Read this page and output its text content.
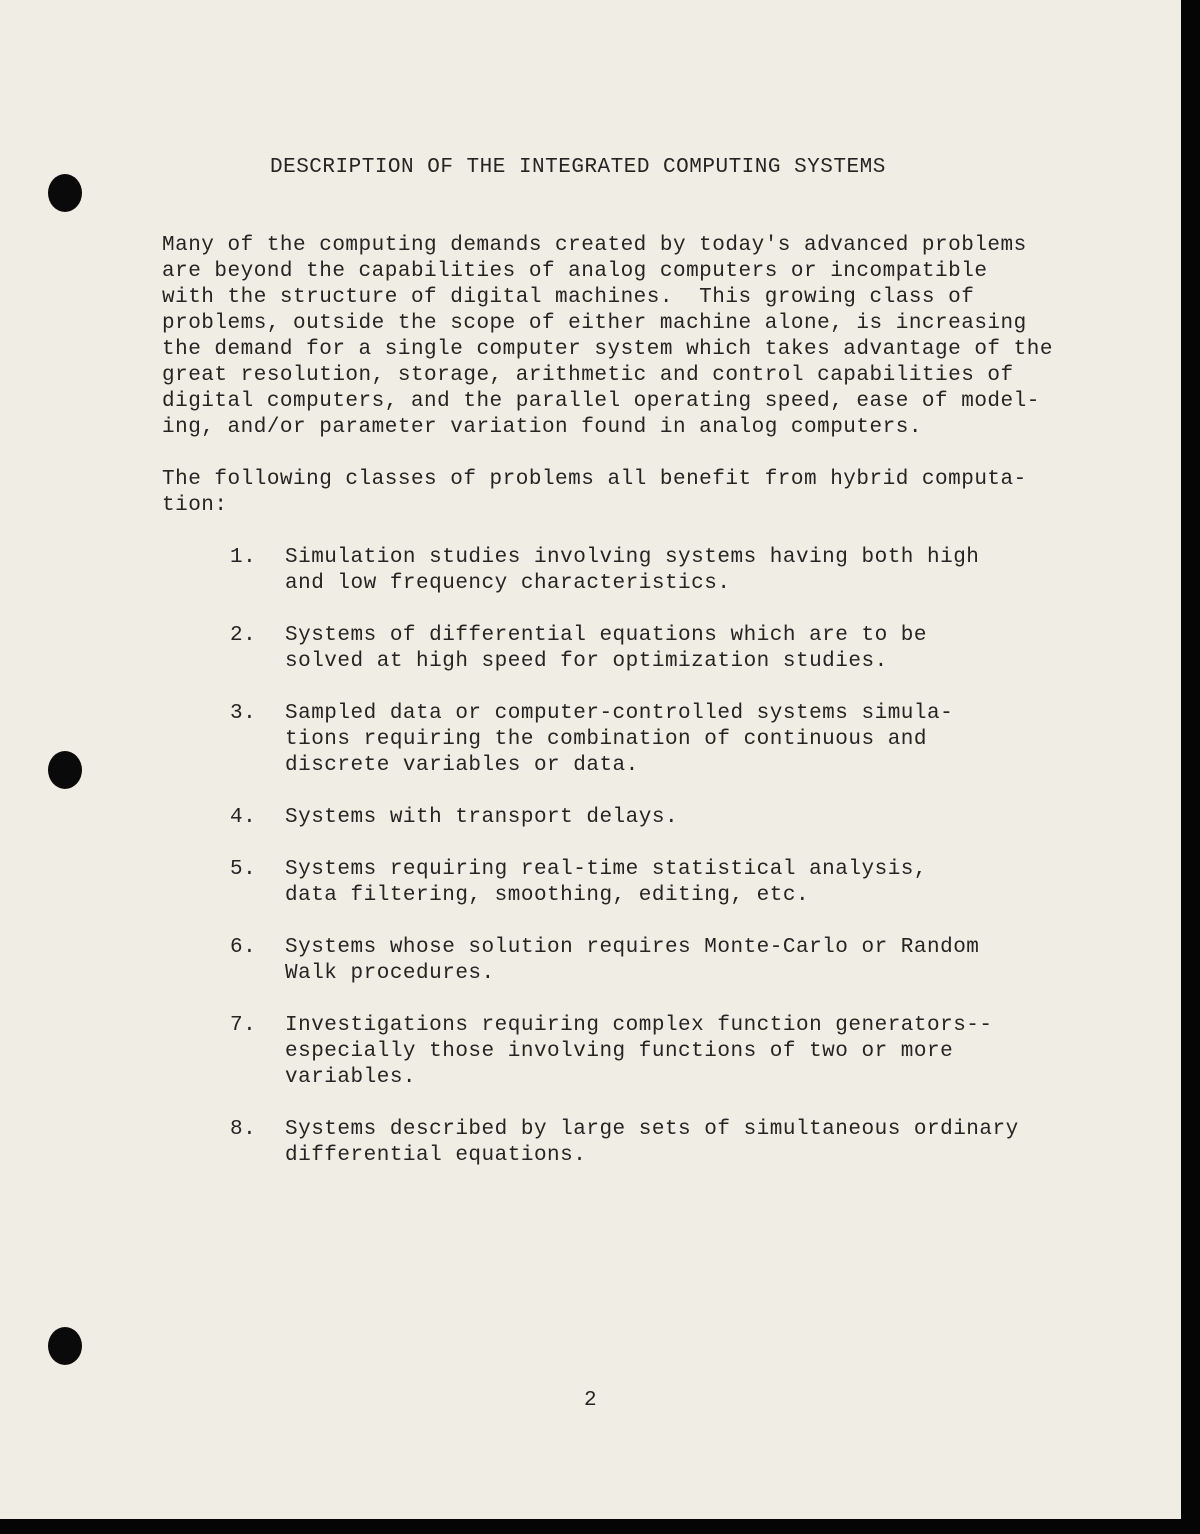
DESCRIPTION OF THE INTEGRATED COMPUTING SYSTEMS
Many of the computing demands created by today's advanced problems
are beyond the capabilities of analog computers or incompatible
with the structure of digital machines.  This growing class of
problems, outside the scope of either machine alone, is increasing
the demand for a single computer system which takes advantage of the
great resolution, storage, arithmetic and control capabilities of
digital computers, and the parallel operating speed, ease of model-
ing, and/or parameter variation found in analog computers.
The following classes of problems all benefit from hybrid computa-
tion:
1.	Simulation studies involving systems having both high
and low frequency characteristics.
2.	Systems of differential equations which are to be
solved at high speed for optimization studies.
3.	Sampled data or computer-controlled systems simula-
tions requiring the combination of continuous and
discrete variables or data.
4.	Systems with transport delays.
5.	Systems requiring real-time statistical analysis,
data filtering, smoothing, editing, etc.
6.	Systems whose solution requires Monte-Carlo or Random
Walk procedures.
7.	Investigations requiring complex function generators--
especially those involving functions of two or more
variables.
8.	Systems described by large sets of simultaneous ordinary
differential equations.
2
